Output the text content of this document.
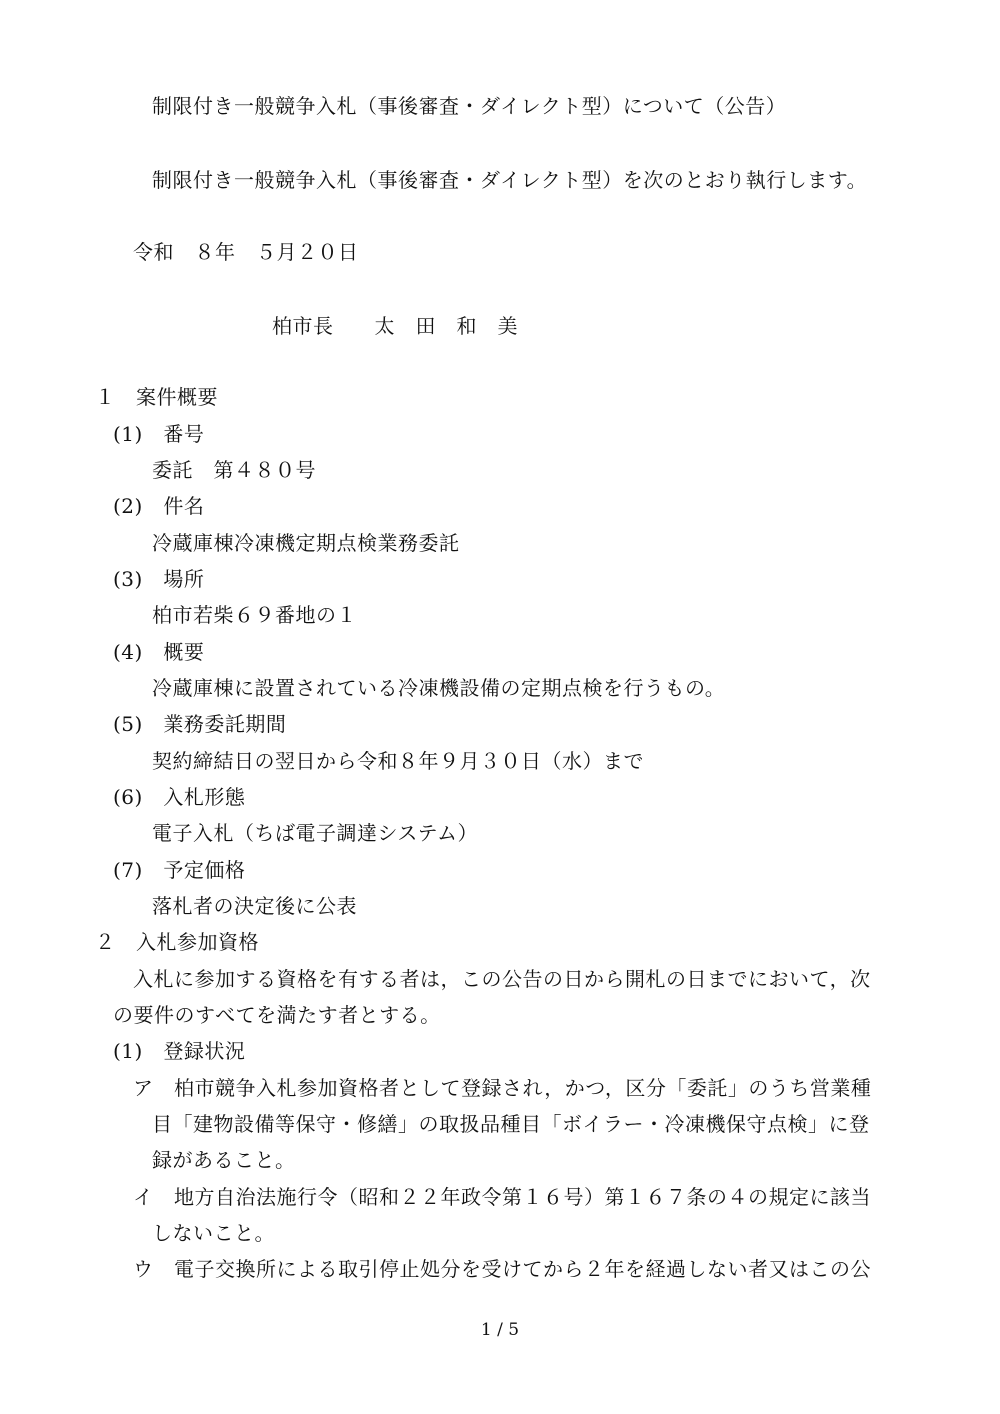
制限付き一般競争入札（事後審査・ダイレクト型）について（公告）
制限付き一般競争入札（事後審査・ダイレクト型）を次のとおり執行します。
令和　８年　５月２０日
柏市長　　太　田　和　美
１　案件概要
(1)　番号
委託　第４８０号
(2)　件名
冷蔵庫棟冷凍機定期点検業務委託
(3)　場所
柏市若柴６９番地の１
(4)　概要
冷蔵庫棟に設置されている冷凍機設備の定期点検を行うもの。
(5)　業務委託期間
契約締結日の翌日から令和８年９月３０日（水）まで
(6)　入札形態
電子入札（ちば電子調達システム）
(7)　予定価格
落札者の決定後に公表
２　入札参加資格
入札に参加する資格を有する者は，この公告の日から開札の日までにおいて，次
の要件のすべてを満たす者とする。
(1)　登録状況
ア　柏市競争入札参加資格者として登録され，かつ，区分「委託」のうち営業種
目「建物設備等保守・修繕」の取扱品種目「ボイラー・冷凍機保守点検」に登
録があること。
イ　地方自治法施行令（昭和２２年政令第１６号）第１６７条の４の規定に該当
しないこと。
ウ　電子交換所による取引停止処分を受けてから２年を経過しない者又はこの公
1 / 5
